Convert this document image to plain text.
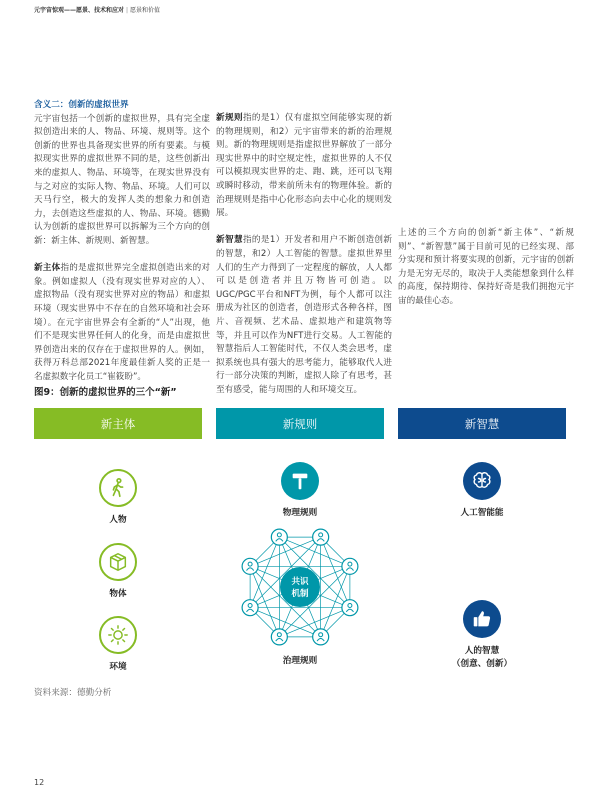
元宇宙惊观——愿景、技术和应对 | 愿景和价值

含义二：创新的虚拟世界
元宇宙包括一个创新的虚拟世界，具有完全虚拟创造出来的人、物品、环境、规则等。这个创新的世界也具备现实世界的所有要素。与模拟现实世界的虚拟世界不同的是，这些创新出来的虚拟人、物品、环境等，在现实世界没有与之对应的实际人物、物品、环境。人们可以天马行空，极大的发挥人类的想象力和创造力，去创造这些虚拟的人、物品、环境。德勤认为创新的虚拟世界可以拆解为三个方向的创新：新主体、新规则、新智慧。

新主体指的是虚拟世界完全虚拟创造出来的对象。例如虚拟人（没有现实世界对应的人）、虚拟物品（没有现实世界对应的物品）和虚拟环境（现实世界中不存在的自然环境和社会环境）。在元宇宙世界会有全新的“人”出现，他们不是现实世界任何人的化身，而是由虚拟世界创造出来的仅存在于虚拟世界的人。例如，获得万科总部2021年度最佳新人奖的正是一名虚拟数字化员工“崔筱盼”。

新规则指的是1）仅有虚拟空间能够实现的新的物理规则，和2）元宇宙带来的新的治理规则。新的物理规则是指虚拟世界解放了一部分现实世界中的时空规定性，虚拟世界的人不仅可以模拟现实世界的走、跑、跳，还可以飞翔或瞬时移动，带来前所未有的物理体验。新的治理规则是指中心化形态向去中心化的规则发展。

新智慧指的是1）开发者和用户不断创造创新的智慧，和2）人工智能的智慧。虚拟世界里人们的生产力得到了一定程度的解放，人人都可以是创造者并且万物皆可创造。以UGC/PGC平台和NFT为例，每个人都可以注册成为社区的创造者，创造形式各种各样，图片、音视频、艺术品、虚拟地产和建筑物等等，并且可以作为NFT进行交易。人工智能的智慧指后人工智能时代，不仅人类会思考，虚拟系统也具有强大的思考能力，能够取代人进行一部分决策的判断，虚拟人除了有思考，甚至有感受，能与周围的人和环境交互。

上述的三个方向的创新“新主体”、“新规则”、“新智慧”属于目前可见的已经实现、部分实现和预计将要实现的创新，元宇宙的创新力是无穷无尽的，取决于人类能想象到什么样的高度，保持期待、保持好奇是我们拥抱元宇宙的最佳心态。

图9：创新的虚拟世界的三个“新”
新主体	新规则	新智慧
人物
物体
环境
物理规则
共识
机制
治理规则
人工智能能
人的智慧
（创意、创新）
资料来源：德勤分析
12
